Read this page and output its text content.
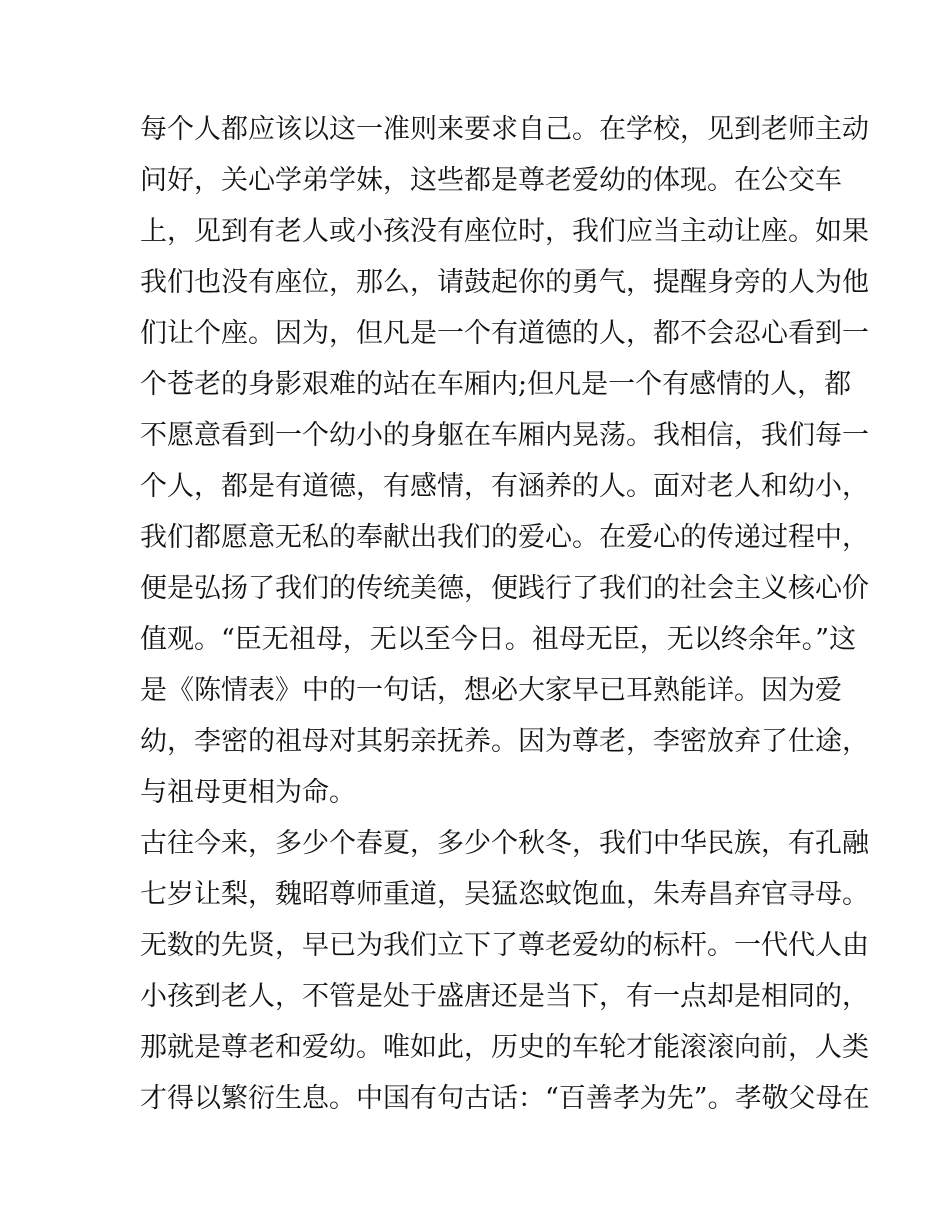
每个人都应该以这一准则来要求自己。在学校，见到老师主动
问好，关心学弟学妹，这些都是尊老爱幼的体现。在公交车
上，见到有老人或小孩没有座位时，我们应当主动让座。如果
我们也没有座位，那么，请鼓起你的勇气，提醒身旁的人为他
们让个座。因为，但凡是一个有道德的人，都不会忍心看到一
个苍老的身影艰难的站在车厢内;但凡是一个有感情的人，都
不愿意看到一个幼小的身躯在车厢内晃荡。我相信，我们每一
个人，都是有道德，有感情，有涵养的人。面对老人和幼小，
我们都愿意无私的奉献出我们的爱心。在爱心的传递过程中，
便是弘扬了我们的传统美德，便践行了我们的社会主义核心价
值观。“臣无祖母，无以至今日。祖母无臣，无以终余年。”这
是《陈情表》中的一句话，想必大家早已耳熟能详。因为爱
幼，李密的祖母对其躬亲抚养。因为尊老，李密放弃了仕途，
与祖母更相为命。
古往今来，多少个春夏，多少个秋冬，我们中华民族，有孔融
七岁让梨，魏昭尊师重道，吴猛恣蚊饱血，朱寿昌弃官寻母。
无数的先贤，早已为我们立下了尊老爱幼的标杆。一代代人由
小孩到老人，不管是处于盛唐还是当下，有一点却是相同的，
那就是尊老和爱幼。唯如此，历史的车轮才能滚滚向前，人类
才得以繁衍生息。中国有句古话：“百善孝为先”。孝敬父母在
